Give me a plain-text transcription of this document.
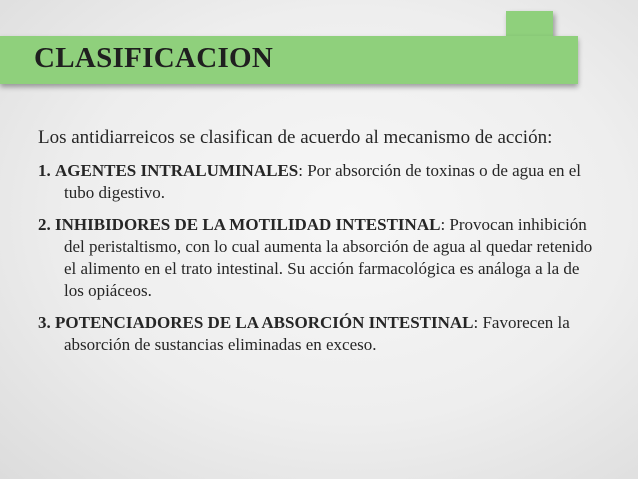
CLASIFICACION

Los antidiarreicos se clasifican de acuerdo al mecanismo de acción:

1. AGENTES INTRALUMINALES: Por absorción de toxinas o de agua en el tubo digestivo.

2. INHIBIDORES DE LA MOTILIDAD INTESTINAL: Provocan inhibición del peristaltismo, con lo cual aumenta la absorción de agua al quedar retenido el alimento en el trato intestinal. Su acción farmacológica es análoga a la de los opiáceos.

3. POTENCIADORES DE LA ABSORCIÓN INTESTINAL: Favorecen la absorción de sustancias eliminadas en exceso.
